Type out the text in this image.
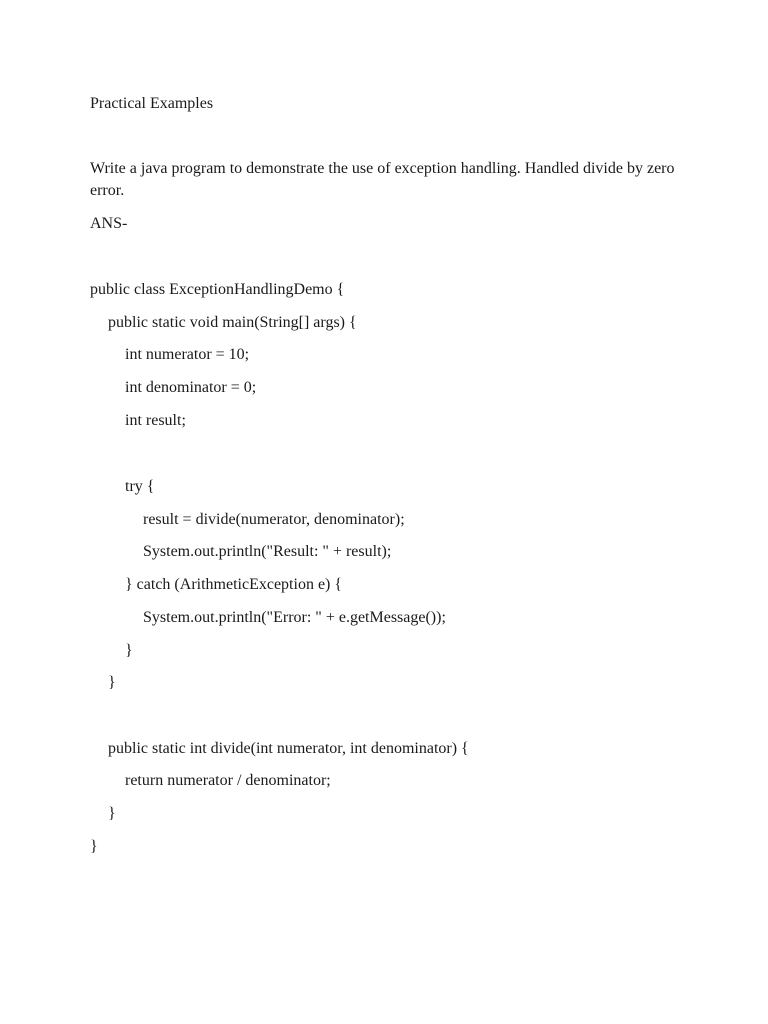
Practical Examples
Write a java program to demonstrate the use of exception handling. Handled divide by zero error.
ANS-
public class ExceptionHandlingDemo {
public static void main(String[] args) {
int numerator = 10;
int denominator = 0;
int result;
try {
result = divide(numerator, denominator);
System.out.println("Result: " + result);
} catch (ArithmeticException e) {
System.out.println("Error: " + e.getMessage());
}
}
public static int divide(int numerator, int denominator) {
return numerator / denominator;
}
}
